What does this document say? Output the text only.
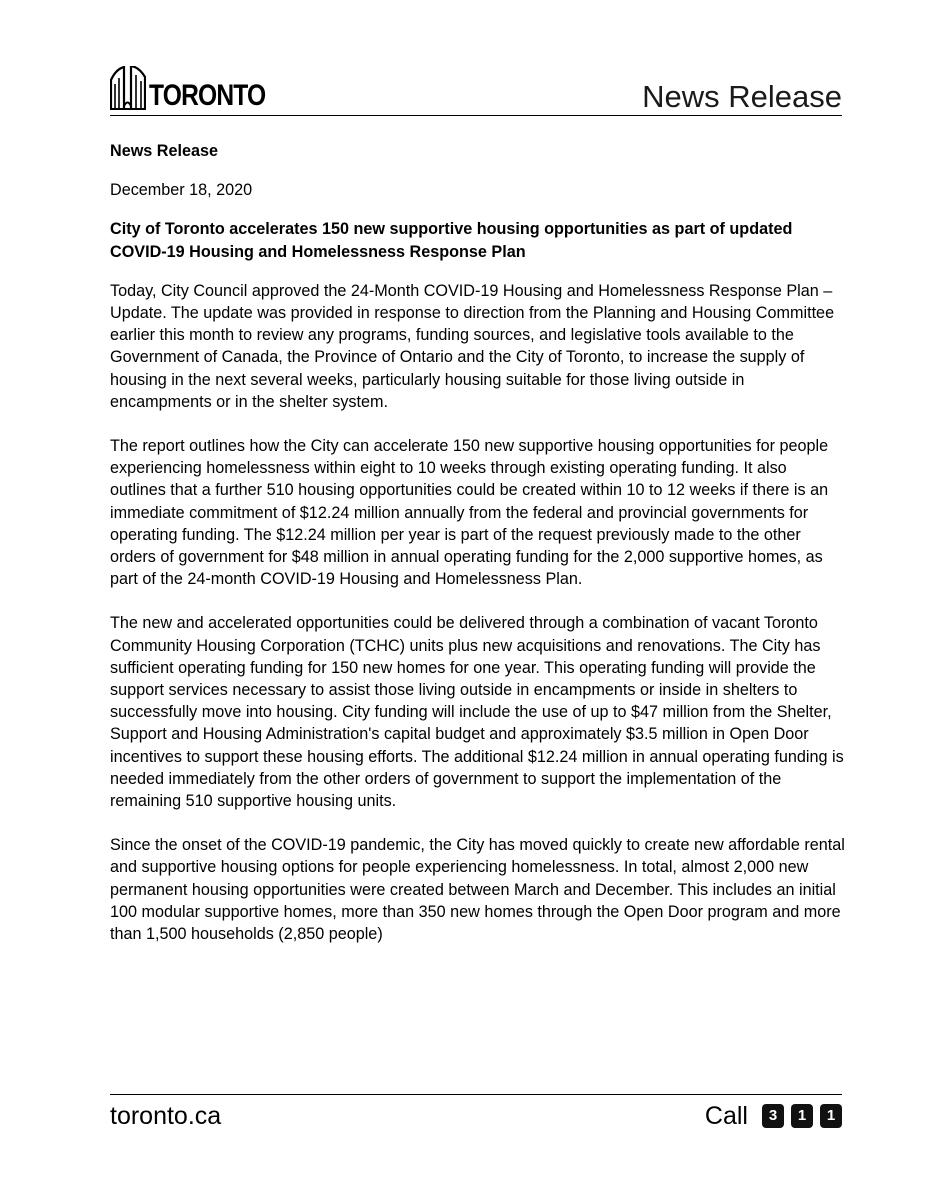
TORONTO	News Release

News Release

December 18, 2020

City of Toronto accelerates 150 new supportive housing opportunities as part of updated COVID-19 Housing and Homelessness Response Plan

Today, City Council approved the 24-Month COVID-19 Housing and Homelessness Response Plan – Update. The update was provided in response to direction from the Planning and Housing Committee earlier this month to review any programs, funding sources, and legislative tools available to the Government of Canada, the Province of Ontario and the City of Toronto, to increase the supply of housing in the next several weeks, particularly housing suitable for those living outside in encampments or in the shelter system.

The report outlines how the City can accelerate 150 new supportive housing opportunities for people experiencing homelessness within eight to 10 weeks through existing operating funding. It also outlines that a further 510 housing opportunities could be created within 10 to 12 weeks if there is an immediate commitment of $12.24 million annually from the federal and provincial governments for operating funding. The $12.24 million per year is part of the request previously made to the other orders of government for $48 million in annual operating funding for the 2,000 supportive homes, as part of the 24-month COVID-19 Housing and Homelessness Plan.

The new and accelerated opportunities could be delivered through a combination of vacant Toronto Community Housing Corporation (TCHC) units plus new acquisitions and renovations. The City has sufficient operating funding for 150 new homes for one year. This operating funding will provide the support services necessary to assist those living outside in encampments or inside in shelters to successfully move into housing. City funding will include the use of up to $47 million from the Shelter, Support and Housing Administration's capital budget and approximately $3.5 million in Open Door incentives to support these housing efforts. The additional $12.24 million in annual operating funding is needed immediately from the other orders of government to support the implementation of the remaining 510 supportive housing units.

Since the onset of the COVID-19 pandemic, the City has moved quickly to create new affordable rental and supportive housing options for people experiencing homelessness. In total, almost 2,000 new permanent housing opportunities were created between March and December. This includes an initial 100 modular supportive homes, more than 350 new homes through the Open Door program and more than 1,500 households (2,850 people)

toronto.ca	Call	3	1	1
